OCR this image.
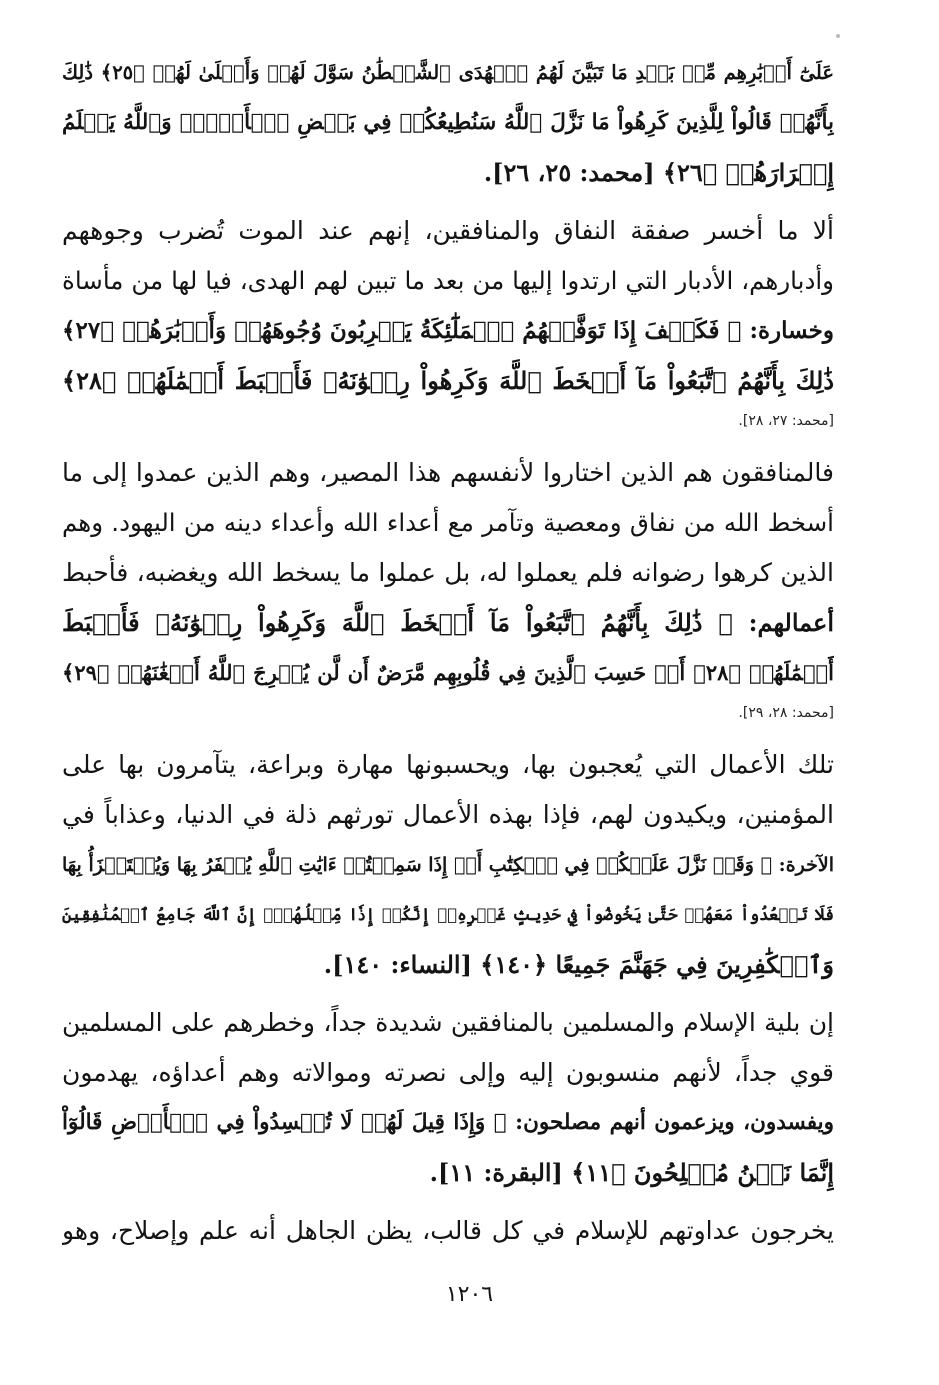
عَلَىٰٓ أَدۡبَٰرِهِم مِّنۢ بَعۡدِ مَا تَبَيَّنَ لَهُمُ ٱلۡهُدَى ٱلشَّيۡطَٰنُ سَوَّلَ لَهُمۡ وَأَمۡلَىٰ لَهُمۡ ﴿٢٥﴾ ذَٰلِكَ
بِأَنَّهُمۡ قَالُواْ لِلَّذِينَ كَرِهُواْ مَا نَزَّلَ ٱللَّهُ سَنُطِيعُكُمۡ فِي بَعۡضِ ٱلۡأَمۡرِۖ وَٱللَّهُ يَعۡلَمُ
إِسۡرَارَهُمۡ ﴿٢٦﴾ [محمد: ٢٥، ٢٦].
ألا ما أخسر صفقة النفاق والمنافقين، إنهم عند الموت تُضرب وجوههم
وأدبارهم، الأدبار التي ارتدوا إليها من بعد ما تبين لهم الهدى، فيا لها من مأساة
وخسارة: ﴿ فَكَيۡفَ إِذَا تَوَفَّتۡهُمُ ٱلۡمَلَٰٓئِكَةُ يَضۡرِبُونَ وُجُوهَهُمۡ وَأَدۡبَٰرَهُمۡ ﴿٢٧﴾
ذَٰلِكَ بِأَنَّهُمُ ٱتَّبَعُواْ مَآ أَسۡخَطَ ٱللَّهَ وَكَرِهُواْ رِضۡوَٰنَهُۥ فَأَحۡبَطَ أَعۡمَٰلَهُمۡ ﴿٢٨﴾
[محمد: ٢٧، ٢٨].
فالمنافقون هم الذين اختاروا لأنفسهم هذا المصير، وهم الذين عمدوا إلى ما
أسخط الله من نفاق ومعصية وتآمر مع أعداء الله وأعداء دينه من اليهود. وهم
الذين كرهوا رضوانه فلم يعملوا له، بل عملوا ما يسخط الله ويغضبه، فأحبط
أعمالهم: ﴿ ذَٰلِكَ بِأَنَّهُمُ ٱتَّبَعُواْ مَآ أَسۡخَطَ ٱللَّهَ وَكَرِهُواْ رِضۡوَٰنَهُۥ فَأَحۡبَطَ
أَعۡمَٰلَهُمۡ ﴿٢٨﴾ أَمۡ حَسِبَ ٱلَّذِينَ فِي قُلُوبِهِم مَّرَضٌ أَن لَّن يُخۡرِجَ ٱللَّهُ أَضۡغَٰنَهُمۡ ﴿٢٩﴾
[محمد: ٢٨، ٢٩].
تلك الأعمال التي يُعجبون بها، ويحسبونها مهارة وبراعة، يتآمرون بها على
المؤمنين، ويكيدون لهم، فإذا بهذه الأعمال تورثهم ذلة في الدنيا، وعذاباً في
الآخرة: ﴿ وَقَدۡ نَزَّلَ عَلَيۡكُمۡ فِي ٱلۡكِتَٰبِ أَنۡ إِذَا سَمِعۡتُمۡ ءَايَٰتِ ٱللَّهِ يُكۡفَرُ بِهَا وَيُسۡتَهۡزَأُ بِهَا
فَلَا تَقۡعُدُواْ مَعَهُمۡ حَتَّىٰ يَخُوضُواْ فِي حَدِيثٍ غَيۡرِهِۦٓ إِنَّكُمۡ إِذٗا مِّثۡلُهُمۡۗ إِنَّ ٱللَّهَ جَامِعُ ٱلۡمُنَٰفِقِينَ
وَٱلۡكَٰفِرِينَ فِي جَهَنَّمَ جَمِيعًا ﴿١٤٠﴾ [النساء: ١٤٠].
إن بلية الإسلام والمسلمين بالمنافقين شديدة جداً، وخطرهم على المسلمين
قوي جداً، لأنهم منسوبون إليه وإلى نصرته وموالاته وهم أعداؤه، يهدمون
ويفسدون، ويزعمون أنهم مصلحون: ﴿ وَإِذَا قِيلَ لَهُمۡ لَا تُفۡسِدُواْ فِي ٱلۡأَرۡضِ قَالُوٓاْ
إِنَّمَا نَحۡنُ مُصۡلِحُونَ ﴿١١﴾ [البقرة: ١١].
يخرجون عداوتهم للإسلام في كل قالب، يظن الجاهل أنه علم وإصلاح، وهو
١٢٠٦
